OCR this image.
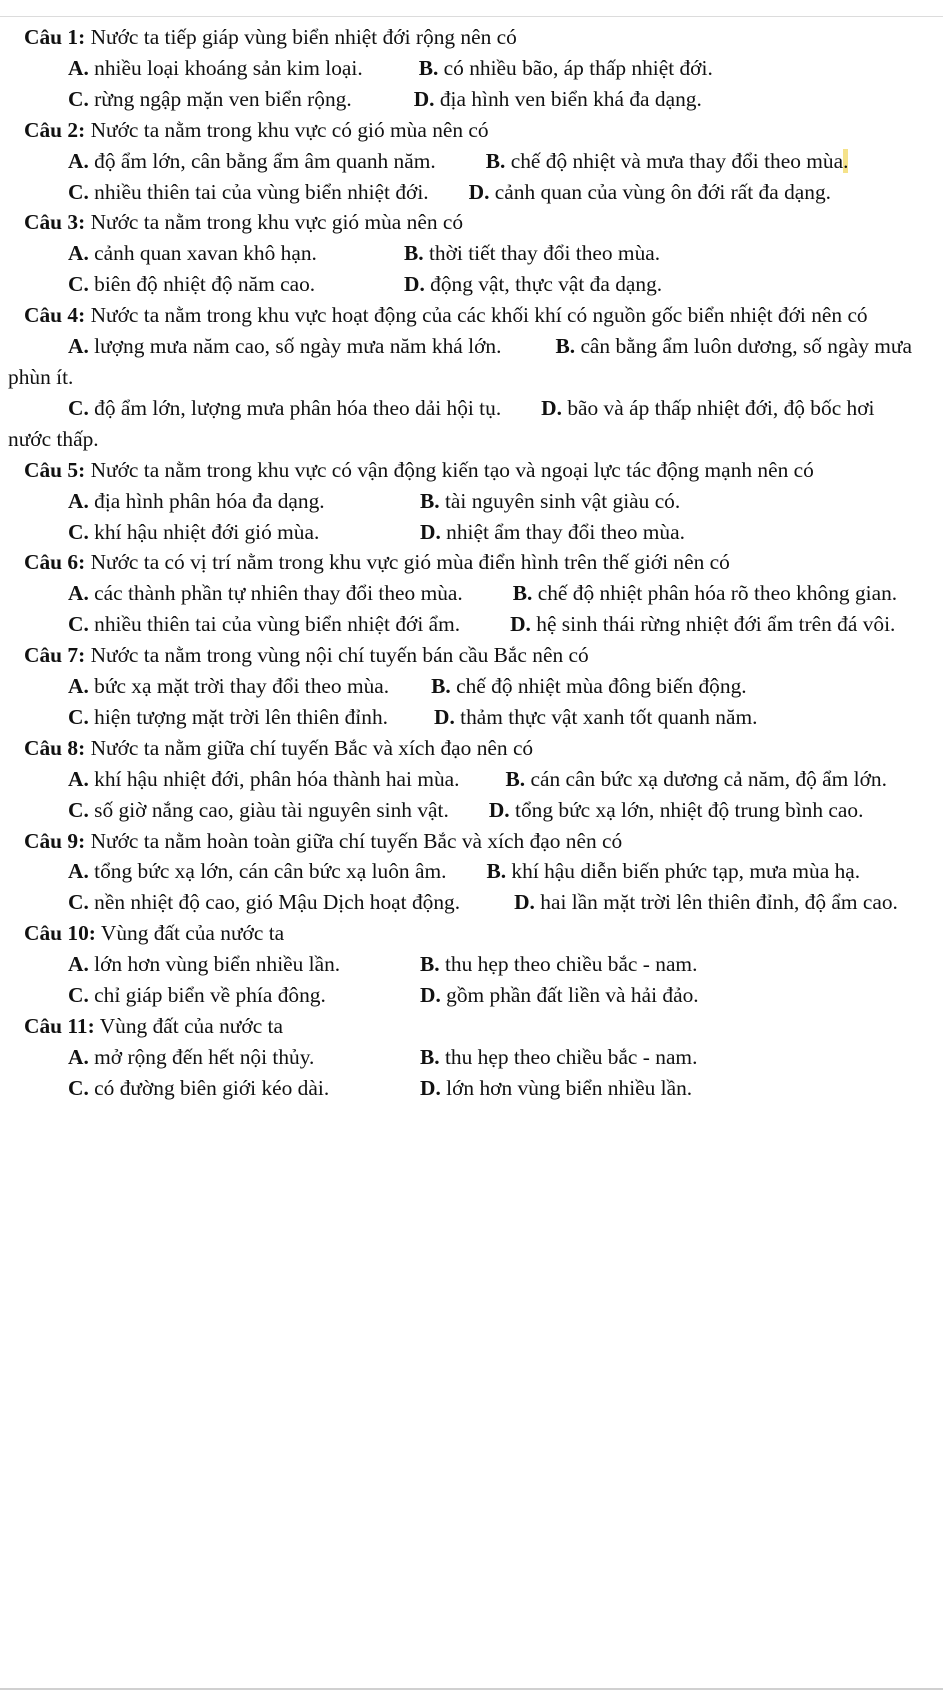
Câu 1: Nước ta tiếp giáp vùng biển nhiệt đới rộng nên có

A. nhiều loại khoáng sản kim loại.	B. có nhiều bão, áp thấp nhiệt đới.

C. rừng ngập mặn ven biển rộng.	D. địa hình ven biển khá đa dạng.

Câu 2: Nước ta nằm trong khu vực có gió mùa nên có

A. độ ẩm lớn, cân bằng ẩm âm quanh năm. B. chế độ nhiệt và mưa thay đổi theo mùa.

C. nhiều thiên tai của vùng biển nhiệt đới. D. cảnh quan của vùng ôn đới rất đa dạng.

Câu 3: Nước ta nằm trong khu vực gió mùa nên có

A. cảnh quan xavan khô hạn.	B. thời tiết thay đổi theo mùa.
C. biên độ nhiệt độ năm cao.	D. động vật, thực vật đa dạng.

Câu 4: Nước ta nằm trong khu vực hoạt động của các khối khí có nguồn gốc biển nhiệt đới nên có

A. lượng mưa năm cao, số ngày mưa năm khá lớn.	B. cân bằng ẩm luôn dương, số ngày mưa phùn ít.

C. độ ẩm lớn, lượng mưa phân hóa theo dải hội tụ. D. bão và áp thấp nhiệt đới, độ bốc hơi nước thấp.

Câu 5: Nước ta nằm trong khu vực có vận động kiến tạo và ngoại lực tác động mạnh nên có

A. địa hình phân hóa đa dạng.	B. tài nguyên sinh vật giàu có.
C. khí hậu nhiệt đới gió mùa.	D. nhiệt ẩm thay đổi theo mùa.

Câu 6: Nước ta có vị trí nằm trong khu vực gió mùa điển hình trên thế giới nên có

A. các thành phần tự nhiên thay đổi theo mùa. B. chế độ nhiệt phân hóa rõ theo không gian.

C. nhiều thiên tai của vùng biển nhiệt đới ẩm. D. hệ sinh thái rừng nhiệt đới ẩm trên đá vôi.

Câu 7: Nước ta nằm trong vùng nội chí tuyến bán cầu Bắc nên có

A. bức xạ mặt trời thay đổi theo mùa. B. chế độ nhiệt mùa đông biến động.

C. hiện tượng mặt trời lên thiên đỉnh. D. thảm thực vật xanh tốt quanh năm.

Câu 8: Nước ta nằm giữa chí tuyến Bắc và xích đạo nên có

A. khí hậu nhiệt đới, phân hóa thành hai mùa. B. cán cân bức xạ dương cả năm, độ ẩm lớn.

C. số giờ nắng cao, giàu tài nguyên sinh vật. D. tổng bức xạ lớn, nhiệt độ trung bình cao.

Câu 9: Nước ta nằm hoàn toàn giữa chí tuyến Bắc và xích đạo nên có

A. tổng bức xạ lớn, cán cân bức xạ luôn âm. B. khí hậu diễn biến phức tạp, mưa mùa hạ.

C. nền nhiệt độ cao, gió Mậu Dịch hoạt động.	D. hai lần mặt trời lên thiên đỉnh, độ ẩm cao.

Câu 10: Vùng đất của nước ta

A. lớn hơn vùng biển nhiều lần.	B. thu hẹp theo chiều bắc - nam.
C. chỉ giáp biển về phía đông.	D. gồm phần đất liền và hải đảo.

Câu 11: Vùng đất của nước ta

A. mở rộng đến hết nội thủy.	B. thu hẹp theo chiều bắc - nam.
C. có đường biên giới kéo dài.	D. lớn hơn vùng biển nhiều lần.
